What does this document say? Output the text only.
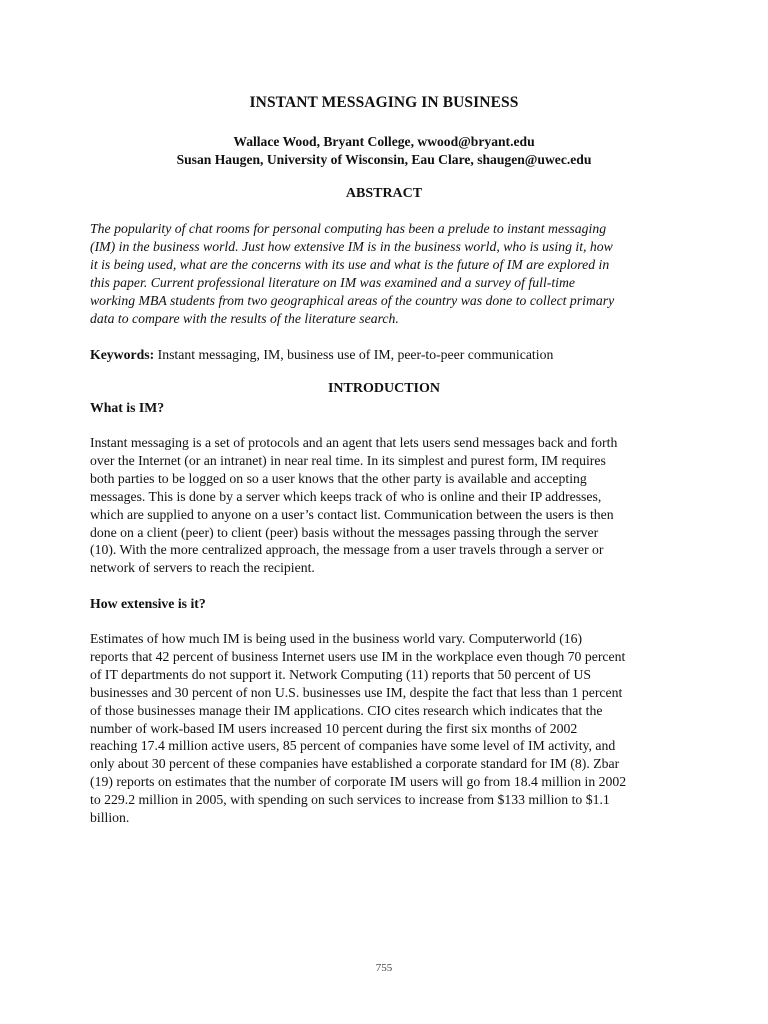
INSTANT MESSAGING IN BUSINESS
Wallace Wood, Bryant College, wwood@bryant.edu
Susan Haugen, University of Wisconsin, Eau Clare, shaugen@uwec.edu
ABSTRACT
The popularity of chat rooms for personal computing has been a prelude to instant messaging
(IM) in the business world. Just how extensive IM is in the business world, who is using it, how
it is being used, what are the concerns with its use and what is the future of IM are explored in
this paper. Current professional literature on IM was examined and a survey of full-time
working MBA students from two geographical areas of the country was done to collect primary
data to compare with the results of the literature search.
Keywords: Instant messaging, IM, business use of IM, peer-to-peer communication
INTRODUCTION
What is IM?
Instant messaging is a set of protocols and an agent that lets users send messages back and forth
over the Internet (or an intranet) in near real time. In its simplest and purest form, IM requires
both parties to be logged on so a user knows that the other party is available and accepting
messages. This is done by a server which keeps track of who is online and their IP addresses,
which are supplied to anyone on a user’s contact list. Communication between the users is then
done on a client (peer) to client (peer) basis without the messages passing through the server
(10). With the more centralized approach, the message from a user travels through a server or
network of servers to reach the recipient.
How extensive is it?
Estimates of how much IM is being used in the business world vary. Computerworld (16)
reports that 42 percent of business Internet users use IM in the workplace even though 70 percent
of IT departments do not support it. Network Computing (11) reports that 50 percent of US
businesses and 30 percent of non U.S. businesses use IM, despite the fact that less than 1 percent
of those businesses manage their IM applications. CIO cites research which indicates that the
number of work-based IM users increased 10 percent during the first six months of 2002
reaching 17.4 million active users, 85 percent of companies have some level of IM activity, and
only about 30 percent of these companies have established a corporate standard for IM (8). Zbar
(19) reports on estimates that the number of corporate IM users will go from 18.4 million in 2002
to 229.2 million in 2005, with spending on such services to increase from $133 million to $1.1
billion.
755
